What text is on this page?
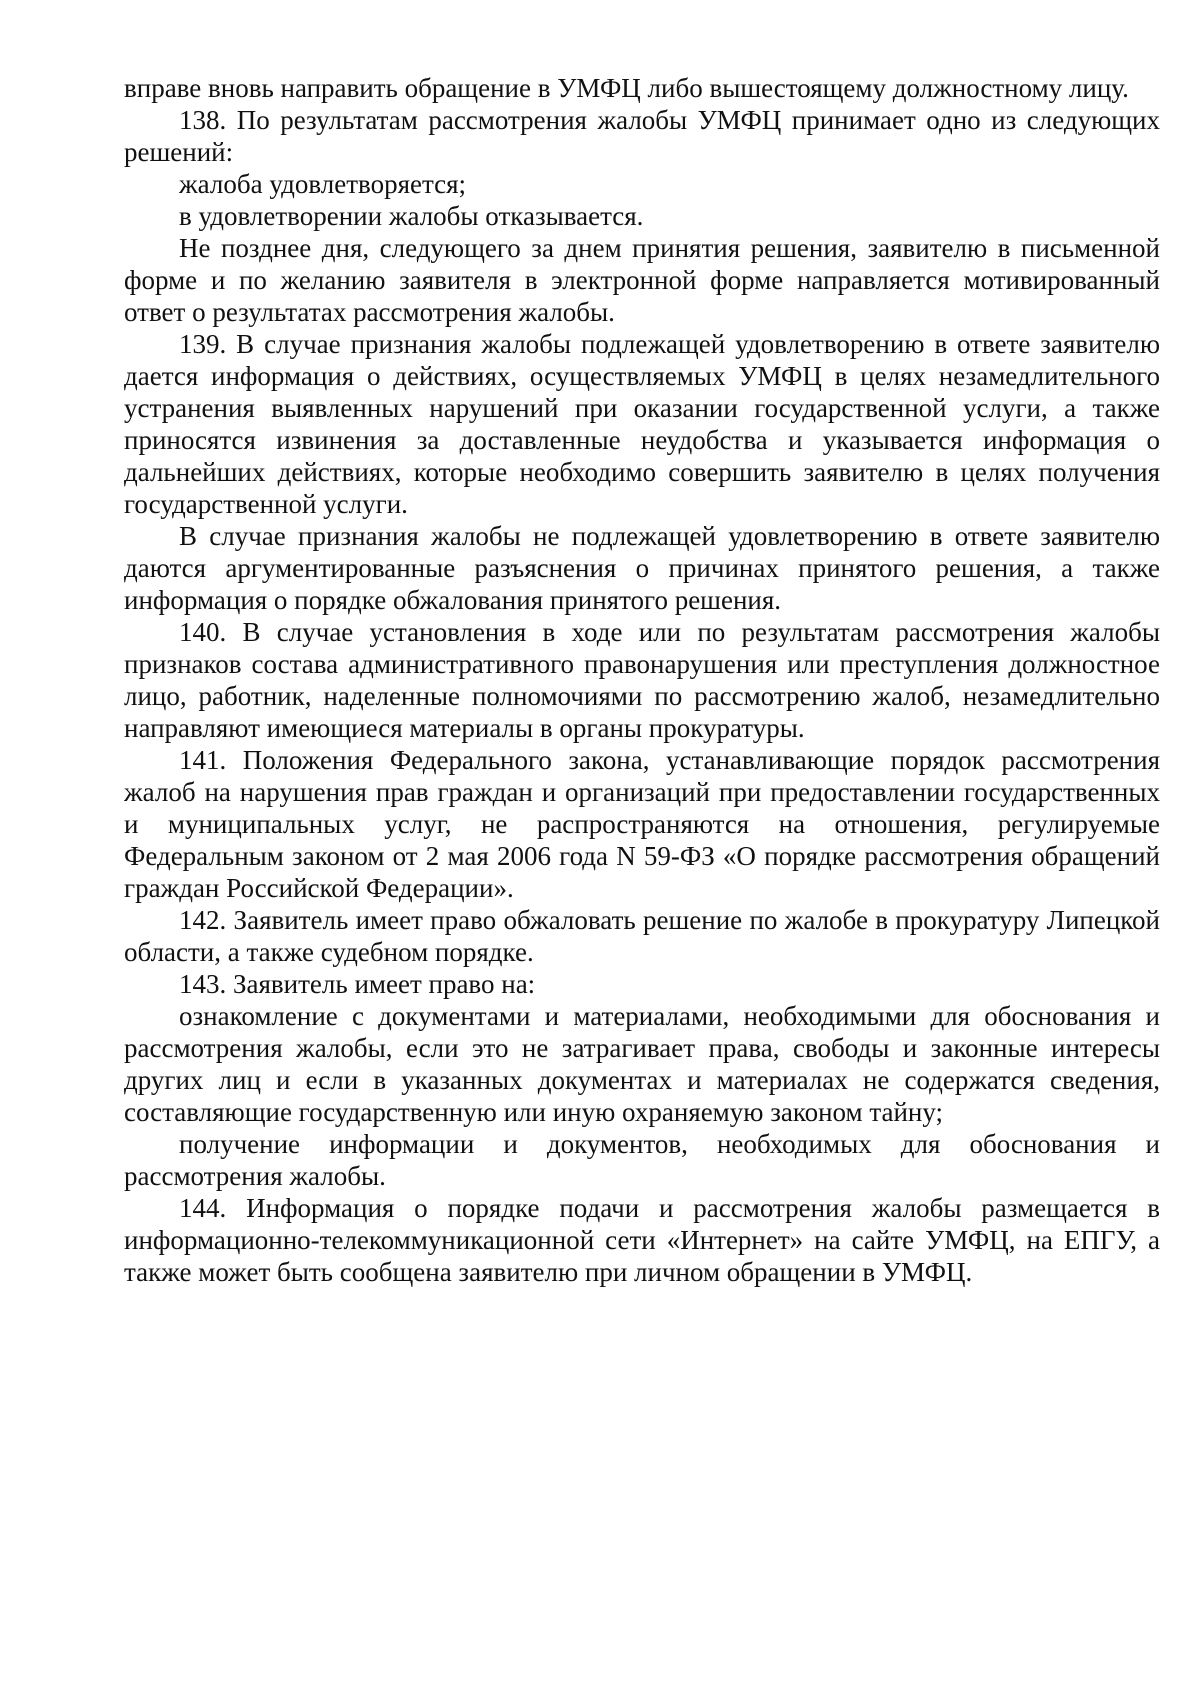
вправе вновь направить обращение в УМФЦ либо вышестоящему должностному лицу.

138. По результатам рассмотрения жалобы УМФЦ принимает одно из следующих решений:

жалоба удовлетворяется;

в удовлетворении жалобы отказывается.

Не позднее дня, следующего за днем принятия решения, заявителю в письменной форме и по желанию заявителя в электронной форме направляется мотивированный ответ о результатах рассмотрения жалобы.

139. В случае признания жалобы подлежащей удовлетворению в ответе заявителю дается информация о действиях, осуществляемых УМФЦ в целях незамедлительного устранения выявленных нарушений при оказании государственной услуги, а также приносятся извинения за доставленные неудобства и указывается информация о дальнейших действиях, которые необходимо совершить заявителю в целях получения государственной услуги.

В случае признания жалобы не подлежащей удовлетворению в ответе заявителю даются аргументированные разъяснения о причинах принятого решения, а также информация о порядке обжалования принятого решения.

140. В случае установления в ходе или по результатам рассмотрения жалобы признаков состава административного правонарушения или преступления должностное лицо, работник, наделенные полномочиями по рассмотрению жалоб, незамедлительно направляют имеющиеся материалы в органы прокуратуры.

141. Положения Федерального закона, устанавливающие порядок рассмотрения жалоб на нарушения прав граждан и организаций при предоставлении государственных и муниципальных услуг, не распространяются на отношения, регулируемые Федеральным законом от 2 мая 2006 года N 59-ФЗ «О порядке рассмотрения обращений граждан Российской Федерации».

142. Заявитель имеет право обжаловать решение по жалобе в прокуратуру Липецкой области, а также судебном порядке.

143. Заявитель имеет право на:

ознакомление с документами и материалами, необходимыми для обоснования и рассмотрения жалобы, если это не затрагивает права, свободы и законные интересы других лиц и если в указанных документах и материалах не содержатся сведения, составляющие государственную или иную охраняемую законом тайну;

получение информации и документов, необходимых для обоснования и рассмотрения жалобы.

144. Информация о порядке подачи и рассмотрения жалобы размещается в информационно-телекоммуникационной сети «Интернет» на сайте УМФЦ, на ЕПГУ, а также может быть сообщена заявителю при личном обращении в УМФЦ.
